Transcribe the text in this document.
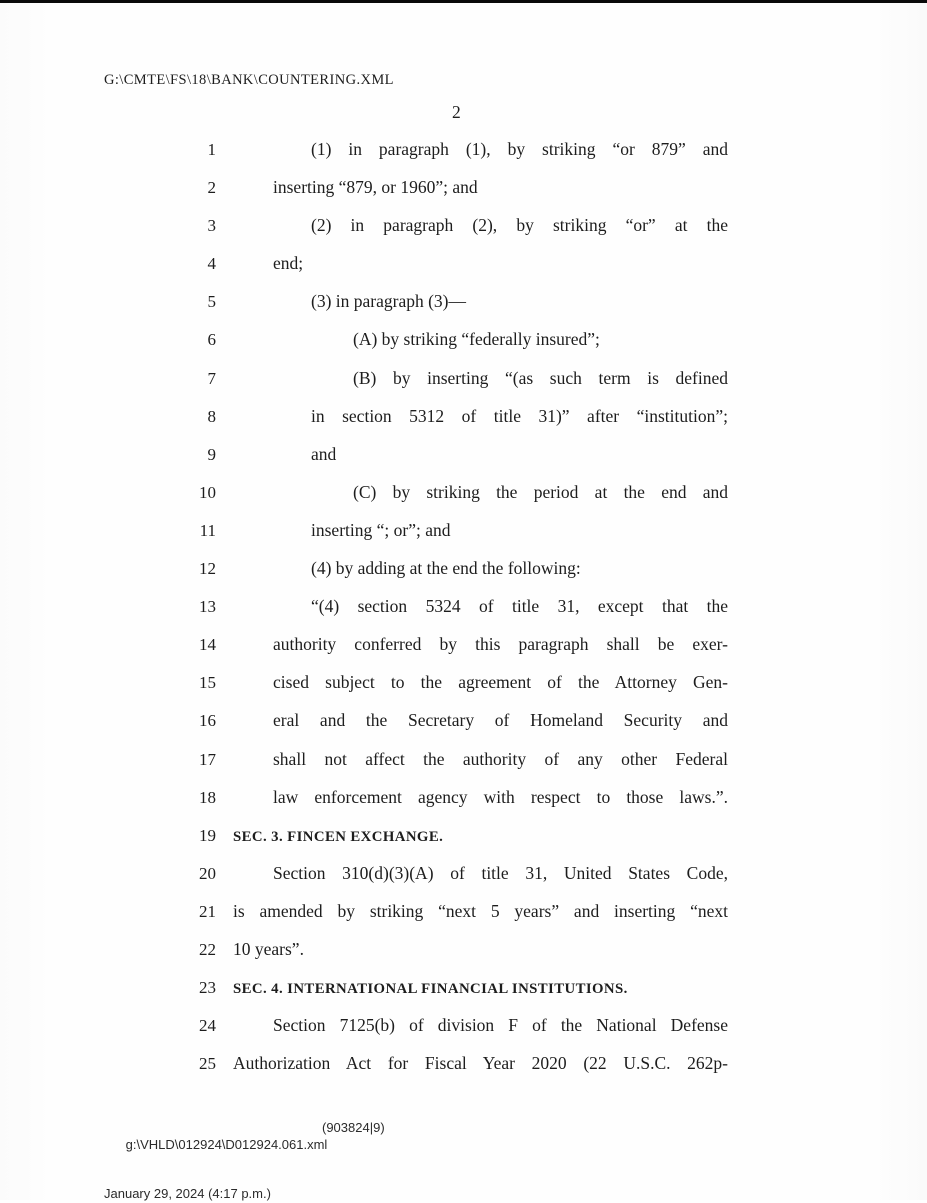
G:\CMTE\FS\18\BANK\COUNTERING.XML
2
1	(1) in paragraph (1), by striking “or 879” and
2	inserting “879, or 1960”; and
3	(2) in paragraph (2), by striking “or” at the
4	end;
5	(3) in paragraph (3)—
6	(A) by striking “federally insured”;
7	(B) by inserting “(as such term is defined
8	in section 5312 of title 31)” after “institution”;
9	and
10	(C) by striking the period at the end and
11	inserting “; or”; and
12	(4) by adding at the end the following:
13	“(4) section 5324 of title 31, except that the
14	authority conferred by this paragraph shall be exer-
15	cised subject to the agreement of the Attorney Gen-
16	eral and the Secretary of Homeland Security and
17	shall not affect the authority of any other Federal
18	law enforcement agency with respect to those laws.”.
19 SEC. 3. FINCEN EXCHANGE.
20	Section 310(d)(3)(A) of title 31, United States Code,
21 is amended by striking “next 5 years” and inserting “next
22 10 years”.
23 SEC. 4. INTERNATIONAL FINANCIAL INSTITUTIONS.
24	Section 7125(b) of division F of the National Defense
25 Authorization Act for Fiscal Year 2020 (22 U.S.C. 262p-

g:\VHLD\012924\D012924.061.xml

(903824|9)

January 29, 2024 (4:17 p.m.)
